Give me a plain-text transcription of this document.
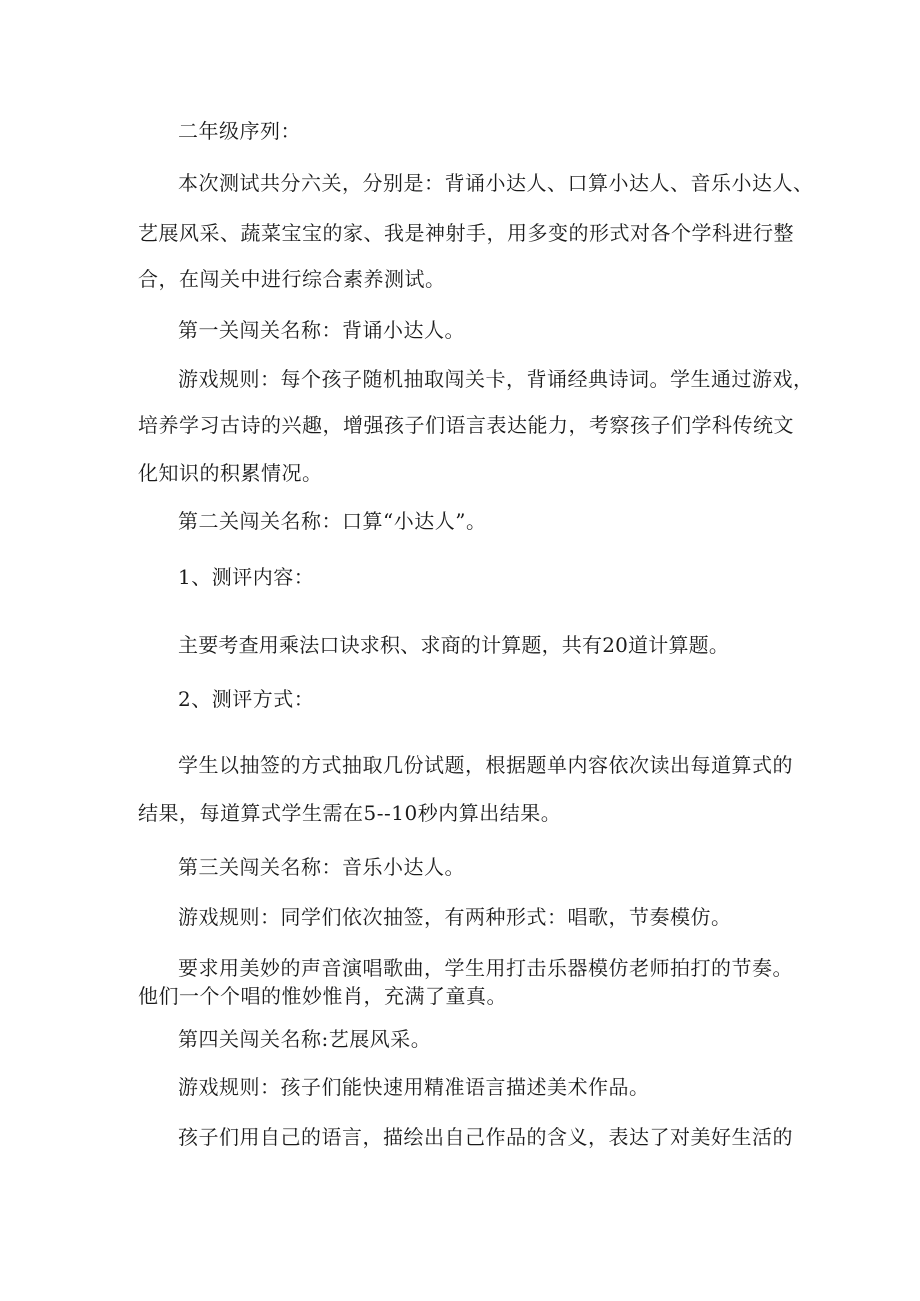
二年级序列：
本次测试共分六关，分别是：背诵小达人、口算小达人、音乐小达人、
艺展风采、蔬菜宝宝的家、我是神射手，用多变的形式对各个学科进行整
合，在闯关中进行综合素养测试。
第一关闯关名称：背诵小达人。
游戏规则：每个孩子随机抽取闯关卡，背诵经典诗词。学生通过游戏，
培养学习古诗的兴趣，增强孩子们语言表达能力，考察孩子们学科传统文
化知识的积累情况。
第二关闯关名称：口算“小达人”。
1、测评内容：
主要考查用乘法口诀求积、求商的计算题，共有20道计算题。
2、测评方式：
学生以抽签的方式抽取几份试题，根据题单内容依次读出每道算式的
结果，每道算式学生需在5--10秒内算出结果。
第三关闯关名称：音乐小达人。
游戏规则：同学们依次抽签，有两种形式：唱歌，节奏模仿。
要求用美妙的声音演唱歌曲，学生用打击乐器模仿老师拍打的节奏。
他们一个个唱的惟妙惟肖，充满了童真。
第四关闯关名称:艺展风采。
游戏规则：孩子们能快速用精准语言描述美术作品。
孩子们用自己的语言，描绘出自己作品的含义，表达了对美好生活的
